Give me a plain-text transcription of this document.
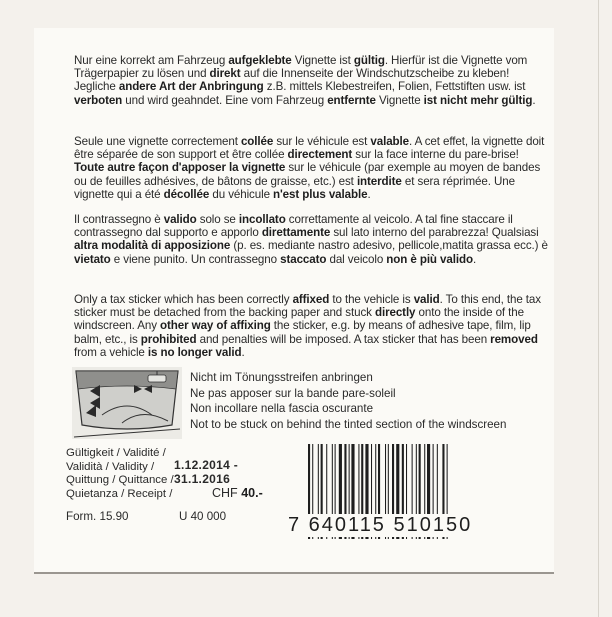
Nur eine korrekt am Fahrzeug aufgeklebte Vignette ist gültig. Hierfür ist die Vignette vom Trägerpapier zu lösen und direkt auf die Innenseite der Windschutzscheibe zu kleben! Jegliche andere Art der Anbringung z.B. mittels Klebestreifen, Folien, Fettstiften usw. ist verboten und wird geahndet. Eine vom Fahrzeug entfernte Vignette ist nicht mehr gültig.

Seule une vignette correctement collée sur le véhicule est valable. A cet effet, la vignette doit être séparée de son support et être collée directement sur la face interne du pare-brise! Toute autre façon d'apposer la vignette sur le véhicule (par exemple au moyen de bandes ou de feuilles adhésives, de bâtons de graisse, etc.) est interdite et sera réprimée. Une vignette qui a été décollée du véhicule n'est plus valable.

Il contrassegno è valido solo se incollato correttamente al veicolo. A tal fine staccare il contrassegno dal supporto e apporlo direttamente sul lato interno del parabrezza! Qualsiasi altra modalità di apposizione (p. es. mediante nastro adesivo, pellicole,matita grassa ecc.) è vietato e viene punito. Un contrassegno staccato dal veicolo non è più valido.

Only a tax sticker which has been correctly affixed to the vehicle is valid. To this end, the tax sticker must be detached from the backing paper and stuck directly onto the inside of the windscreen. Any other way of affixing the sticker, e.g. by means of adhesive tape, film, lip balm, etc., is prohibited and penalties will be imposed. A tax sticker that has been removed from a vehicle is no longer valid.

Nicht im Tönungsstreifen anbringen
Ne pas apposer sur la bande pare-soleil
Non incollare nella fascia oscurante
Not to be stuck on behind the tinted section of the windscreen
Gültigkeit / Validité /
Validità / Validity /	1.12.2014 - 31.1.2016
Quittung / Quittance /
Quietanza / Receipt /	CHF 40.-
Form. 15.90	U 40 000	7 640115 510150
